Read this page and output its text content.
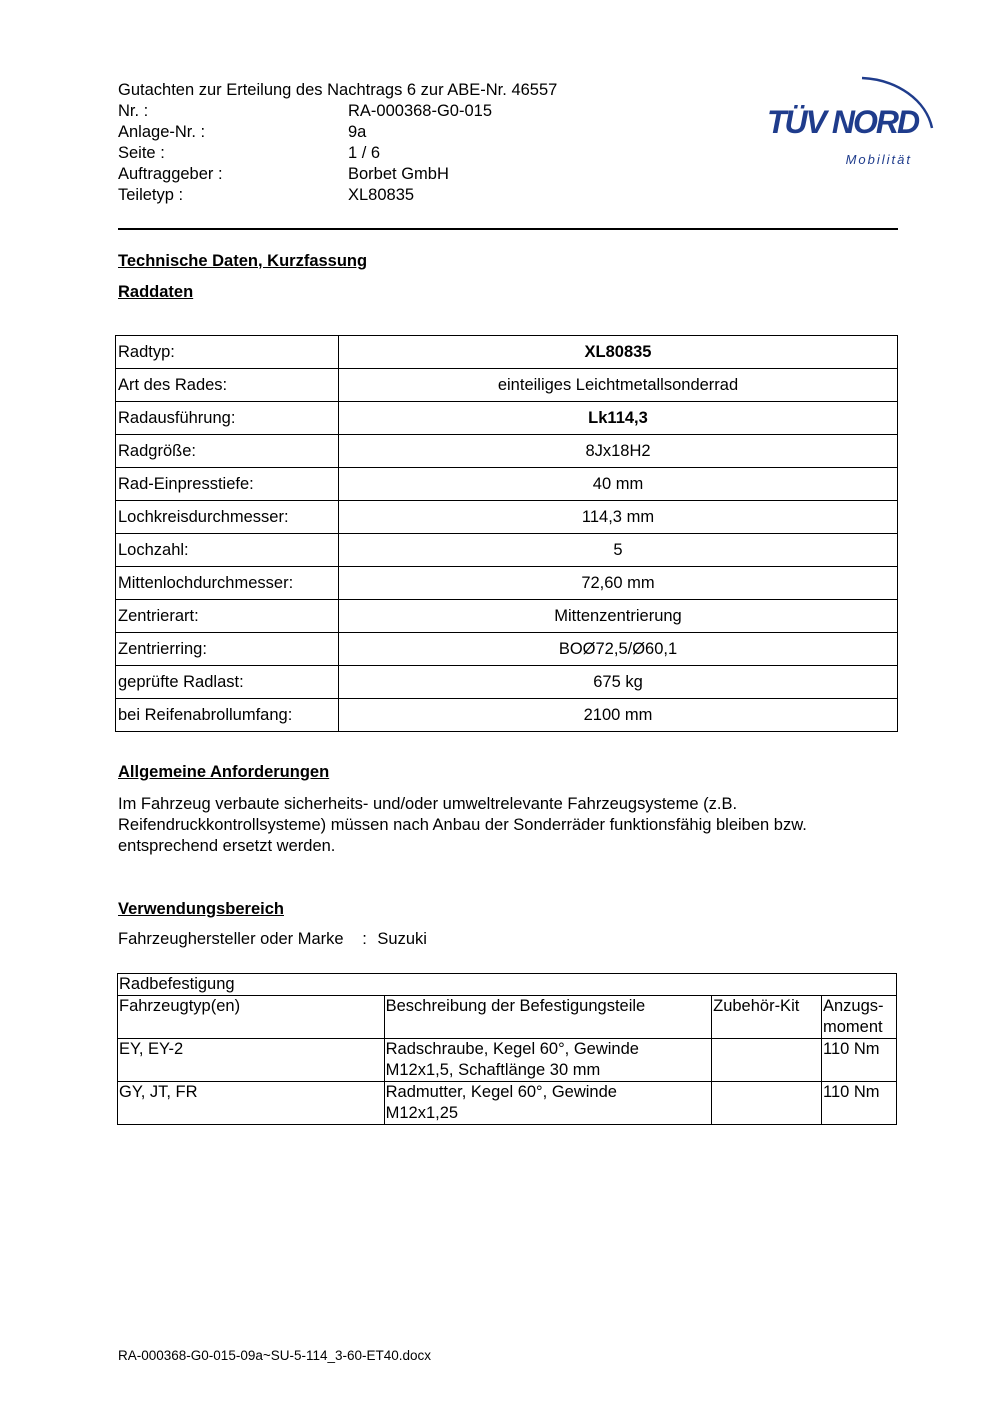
Gutachten zur Erteilung des Nachtrags 6 zur ABE-Nr. 46557
Nr. :	RA-000368-G0-015
Anlage-Nr. :	9a
Seite :	1 / 6
Auftraggeber :	Borbet GmbH
Teiletyp :	XL80835
TÜV NORD
Mobilität
Technische Daten, Kurzfassung
Raddaten
Radtyp:	XL80835
Art des Rades:	einteiliges Leichtmetallsonderrad
Radausführung:	Lk114,3
Radgröße:	8Jx18H2
Rad-Einpresstiefe:	40 mm
Lochkreisdurchmesser:	114,3 mm
Lochzahl:	5
Mittenlochdurchmesser:	72,60 mm
Zentrierart:	Mittenzentrierung
Zentrierring:	BOØ72,5/Ø60,1
geprüfte Radlast:	675 kg
bei Reifenabrollumfang:	2100 mm
Allgemeine Anforderungen
Im Fahrzeug verbaute sicherheits- und/oder umweltrelevante Fahrzeugsysteme (z.B. Reifendruckkontrollsysteme) müssen nach Anbau der Sonderräder funktionsfähig bleiben bzw. entsprechend ersetzt werden.
Verwendungsbereich
Fahrzeughersteller oder Marke : Suzuki
Radbefestigung			
Fahrzeugtyp(en)	Beschreibung der Befestigungsteile	Zubehör-Kit	Anzugs-
moment
EY, EY-2	Radschraube, Kegel 60°, Gewinde
M12x1,5, Schaftlänge 30 mm		110 Nm
GY, JT, FR	Radmutter, Kegel 60°, Gewinde
M12x1,25		110 Nm
RA-000368-G0-015-09a~SU-5-114_3-60-ET40.docx
